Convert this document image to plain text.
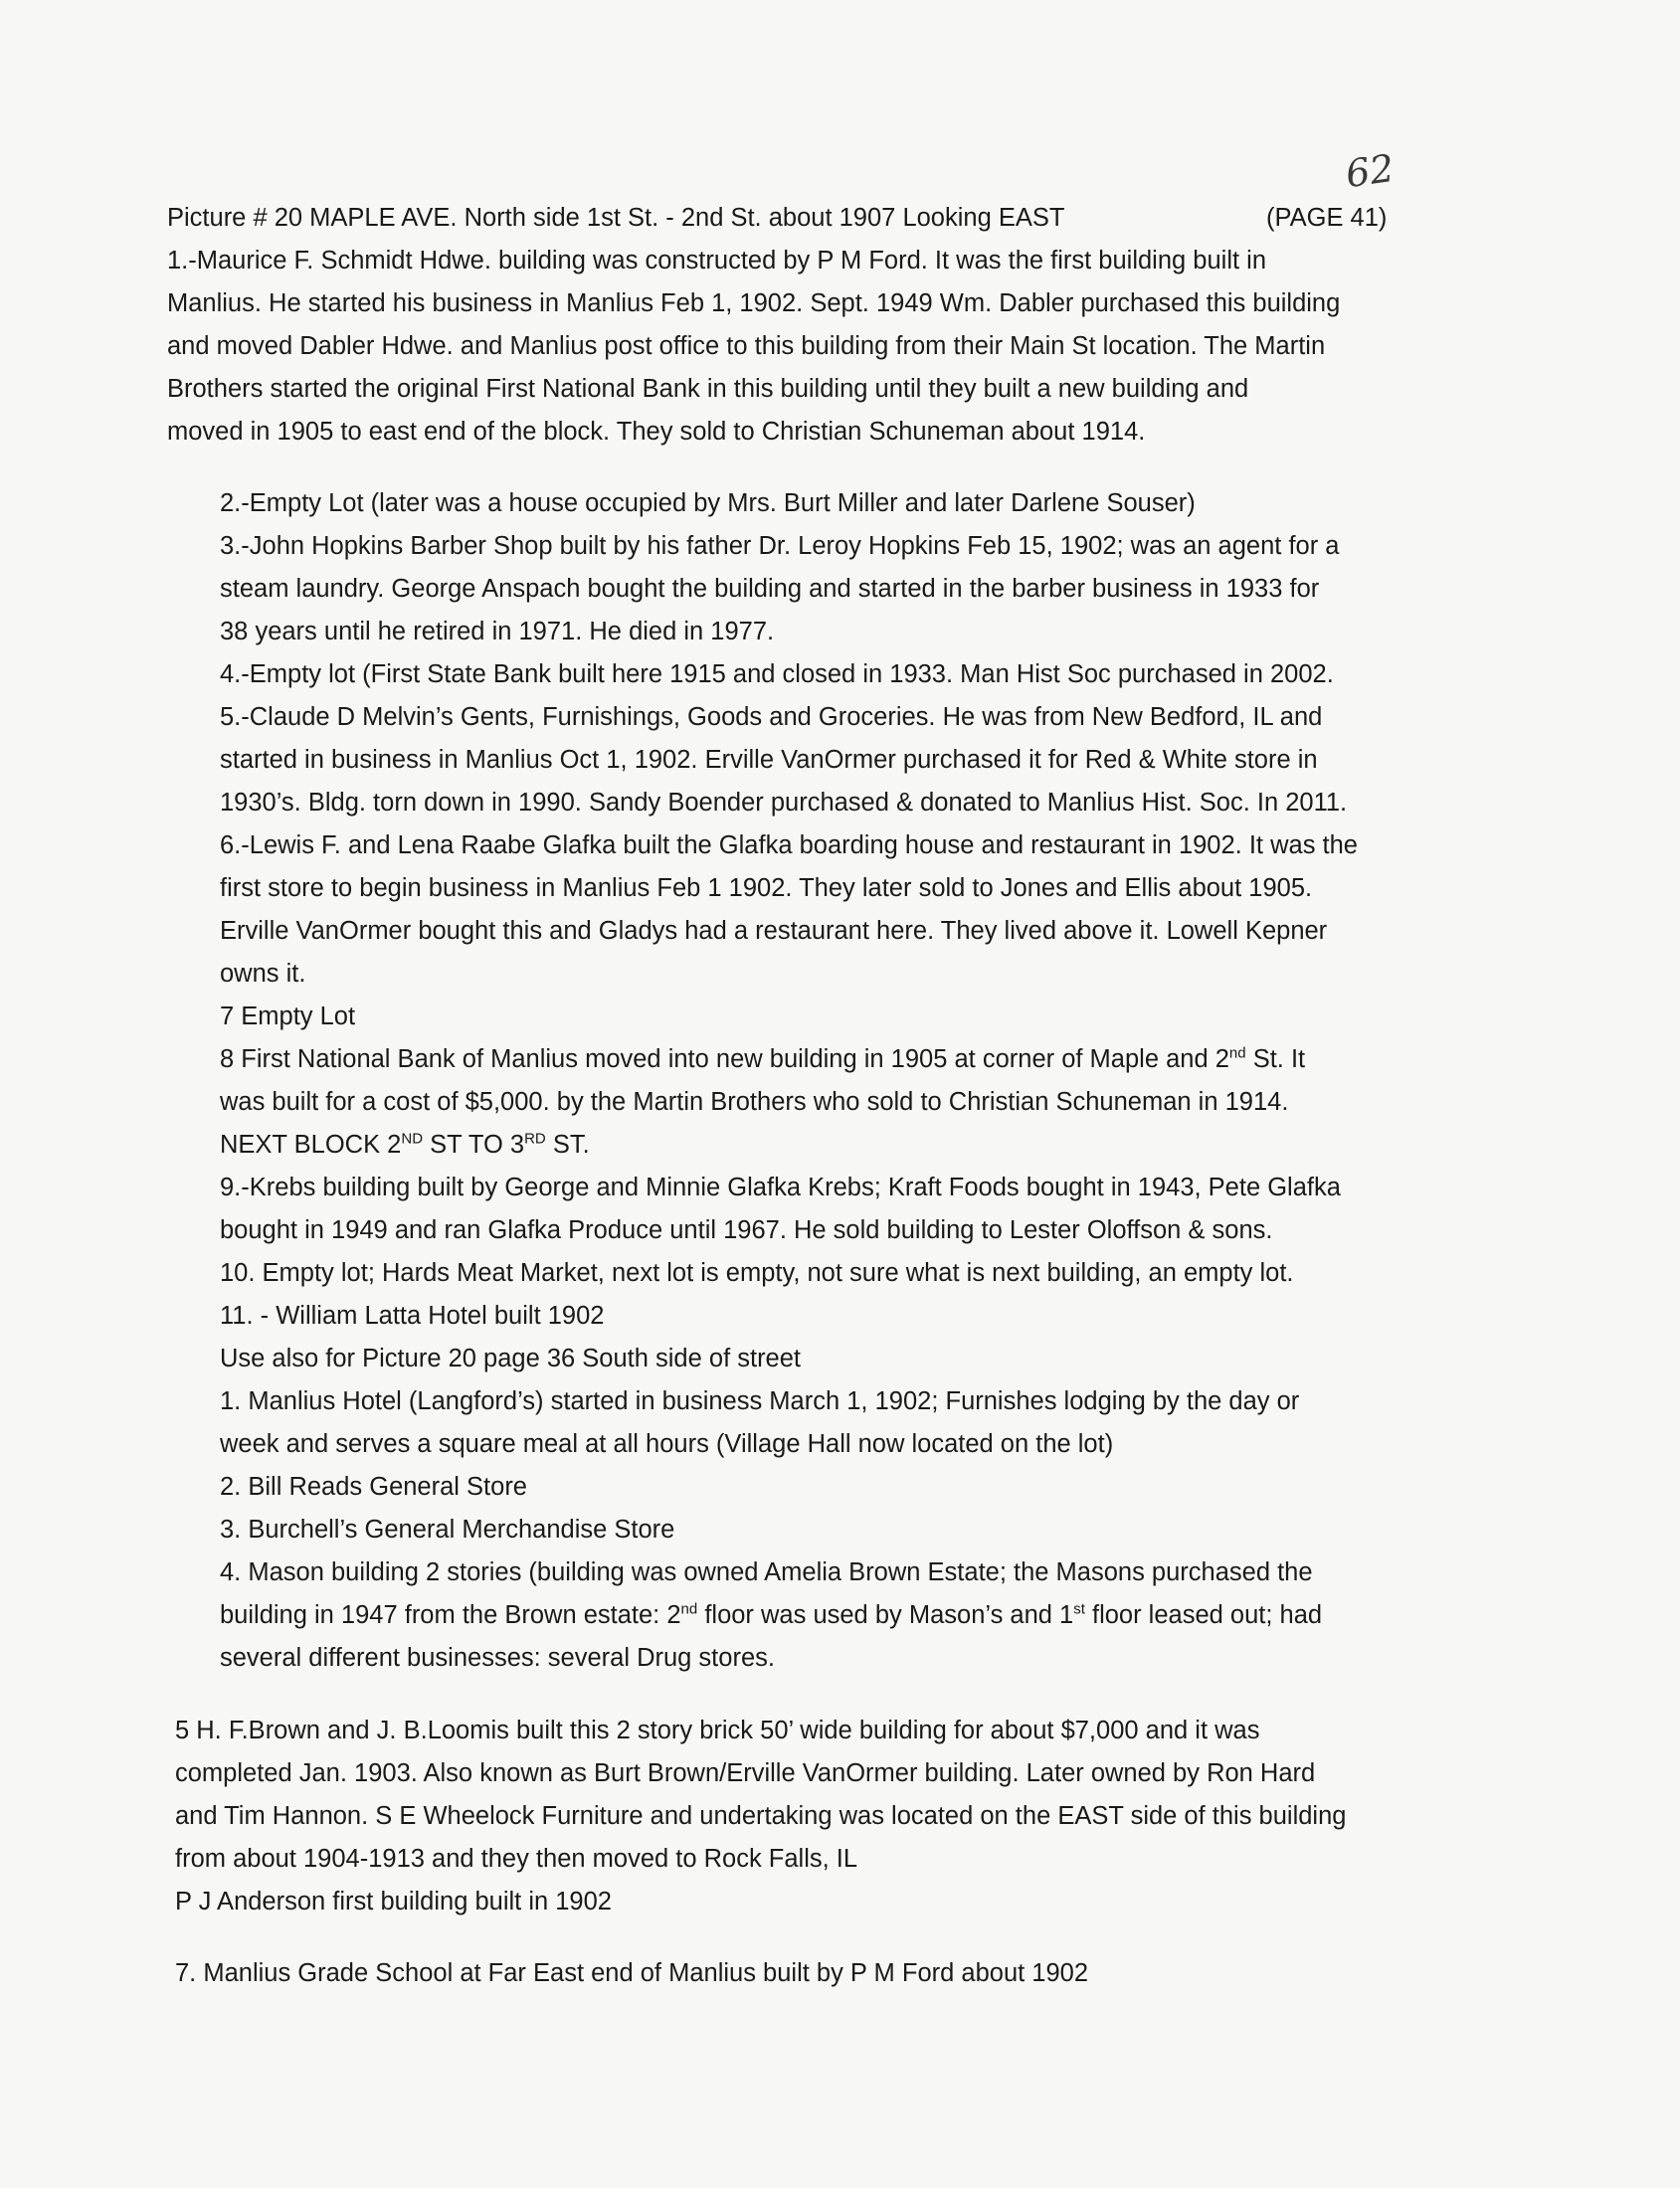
62
Picture # 20 MAPLE AVE. North side 1st St. - 2nd St. about 1907 Looking EAST	(PAGE 41)
1.-Maurice F. Schmidt Hdwe. building was constructed by P M Ford. It was the first building built in
Manlius. He started his business in Manlius Feb 1, 1902. Sept. 1949 Wm. Dabler purchased this building
and moved Dabler Hdwe. and Manlius post office to this building from their Main St location. The Martin
Brothers started the original First National Bank in this building until they built a new building and
moved in 1905 to east end of the block. They sold to Christian Schuneman about 1914.
2.-Empty Lot (later was a house occupied by Mrs. Burt Miller and later Darlene Souser)
3.-John Hopkins Barber Shop built by his father Dr. Leroy Hopkins Feb 15, 1902; was an agent for a
steam laundry. George Anspach bought the building and started in the barber business in 1933 for
38 years until he retired in 1971. He died in 1977.
4.-Empty lot (First State Bank built here 1915 and closed in 1933. Man Hist Soc purchased in 2002.
5.-Claude D Melvin’s Gents, Furnishings, Goods and Groceries. He was from New Bedford, IL and
started in business in Manlius Oct 1, 1902. Erville VanOrmer purchased it for Red & White store in
1930’s. Bldg. torn down in 1990. Sandy Boender purchased & donated to Manlius Hist. Soc. In 2011.
6.-Lewis F. and Lena Raabe Glafka built the Glafka boarding house and restaurant in 1902. It was the
first store to begin business in Manlius Feb 1 1902. They later sold to Jones and Ellis about 1905.
Erville VanOrmer bought this and Gladys had a restaurant here. They lived above it. Lowell Kepner
owns it.
7 Empty Lot
8 First National Bank of Manlius moved into new building in 1905 at corner of Maple and 2nd St. It
was built for a cost of $5,000. by the Martin Brothers who sold to Christian Schuneman in 1914.
NEXT BLOCK 2ND ST TO 3RD ST.
9.-Krebs building built by George and Minnie Glafka Krebs; Kraft Foods bought in 1943, Pete Glafka
bought in 1949 and ran Glafka Produce until 1967. He sold building to Lester Oloffson & sons.
10. Empty lot; Hards Meat Market, next lot is empty, not sure what is next building, an empty lot.
11. - William Latta Hotel built 1902
Use also for Picture 20 page 36 South side of street
1. Manlius Hotel (Langford’s) started in business March 1, 1902; Furnishes lodging by the day or
week and serves a square meal at all hours (Village Hall now located on the lot)
2. Bill Reads General Store
3. Burchell’s General Merchandise Store
4. Mason building 2 stories (building was owned Amelia Brown Estate; the Masons purchased the
building in 1947 from the Brown estate: 2nd floor was used by Mason’s and 1st floor leased out; had
several different businesses: several Drug stores.
5 H. F.Brown and J. B.Loomis built this 2 story brick 50’ wide building for about $7,000 and it was
completed Jan. 1903. Also known as Burt Brown/Erville VanOrmer building. Later owned by Ron Hard
and Tim Hannon. S E Wheelock Furniture and undertaking was located on the EAST side of this building
from about 1904-1913 and they then moved to Rock Falls, IL
P J Anderson first building built in 1902
7. Manlius Grade School at Far East end of Manlius built by P M Ford about 1902
